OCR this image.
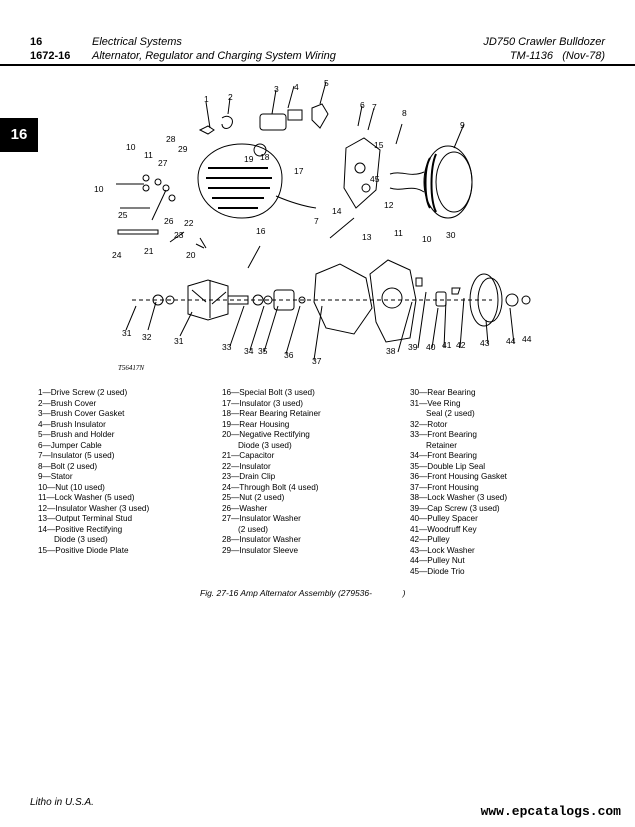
16	Electrical Systems	JD750 Crawler Bulldozer
1672-16 Alternator, Regulator and Charging System Wiring	TM-1136 (Nov-78)
16
1 2
3 4	5
6 7
8
9
10
11
27
28
29
19 18
17
10
25
26 22
23
24	21	20
16
7
14
45
15
13
12
11
10 30
31 32	31
33 34 35 36
37
38 39 40 41 42 43 44 44
T56417N
1—Drive Screw (2 used)
2—Brush Cover
3—Brush Cover Gasket
4—Brush Insulator
5—Brush and Holder
6—Jumper Cable
7—Insulator (5 used)
8—Bolt (2 used)
9—Stator
10—Nut (10 used)
11—Lock Washer (5 used)
12—Insulator Washer (3 used)
13—Output Terminal Stud
14—Positive Rectifying
Diode (3 used)
15—Positive Diode Plate
16—Special Bolt (3 used)
17—Insulator (3 used)
18—Rear Bearing Retainer
19—Rear Housing
20—Negative Rectifying
Diode (3 used)
21—Capacitor
22—Insulator
23—Drain Clip
24—Through Bolt (4 used)
25—Nut (2 used)
26—Washer
27—Insulator Washer
(2 used)
28—Insulator Washer
29—Insulator Sleeve
30—Rear Bearing
31—Vee Ring
Seal (2 used)
32—Rotor
33—Front Bearing
Retainer
34—Front Bearing
35—Double Lip Seal
36—Front Housing Gasket
37—Front Housing
38—Lock Washer (3 used)
39—Cap Screw (3 used)
40—Pulley Spacer
41—Woodruff Key
42—Pulley
43—Lock Washer
44—Pulley Nut
45—Diode Trio
Fig. 27-16 Amp Alternator Assembly (279536-	)
Litho in U.S.A.
www.epcatalogs.com
